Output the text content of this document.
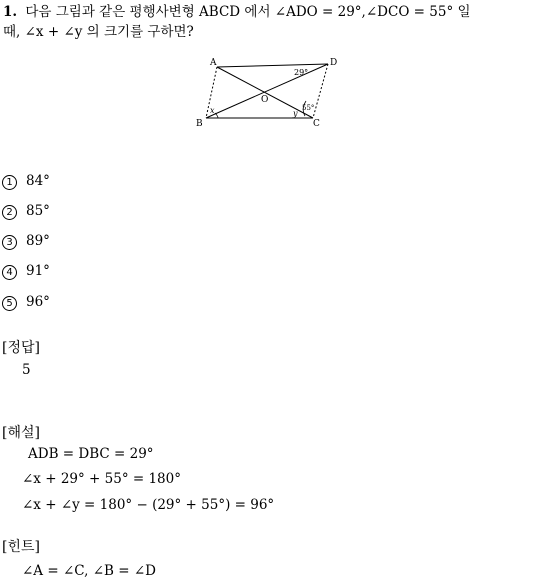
1. 다음 그림과 같은 평행사변형 ABCD 에서 ∠ADO = 29°,∠DCO = 55° 일
때, ∠x + ∠y 의 크기를 구하면?
A	D
B	C
O
29°
55°
x	y
1 84°
2 85°
3 89°
4 91°
5 96°
[정답]
5
[해설]
ADB = DBC = 29°
∠x + 29° + 55° = 180°
∠x + ∠y = 180° − (29° + 55°) = 96°
[힌트]
∠A = ∠C, ∠B = ∠D
